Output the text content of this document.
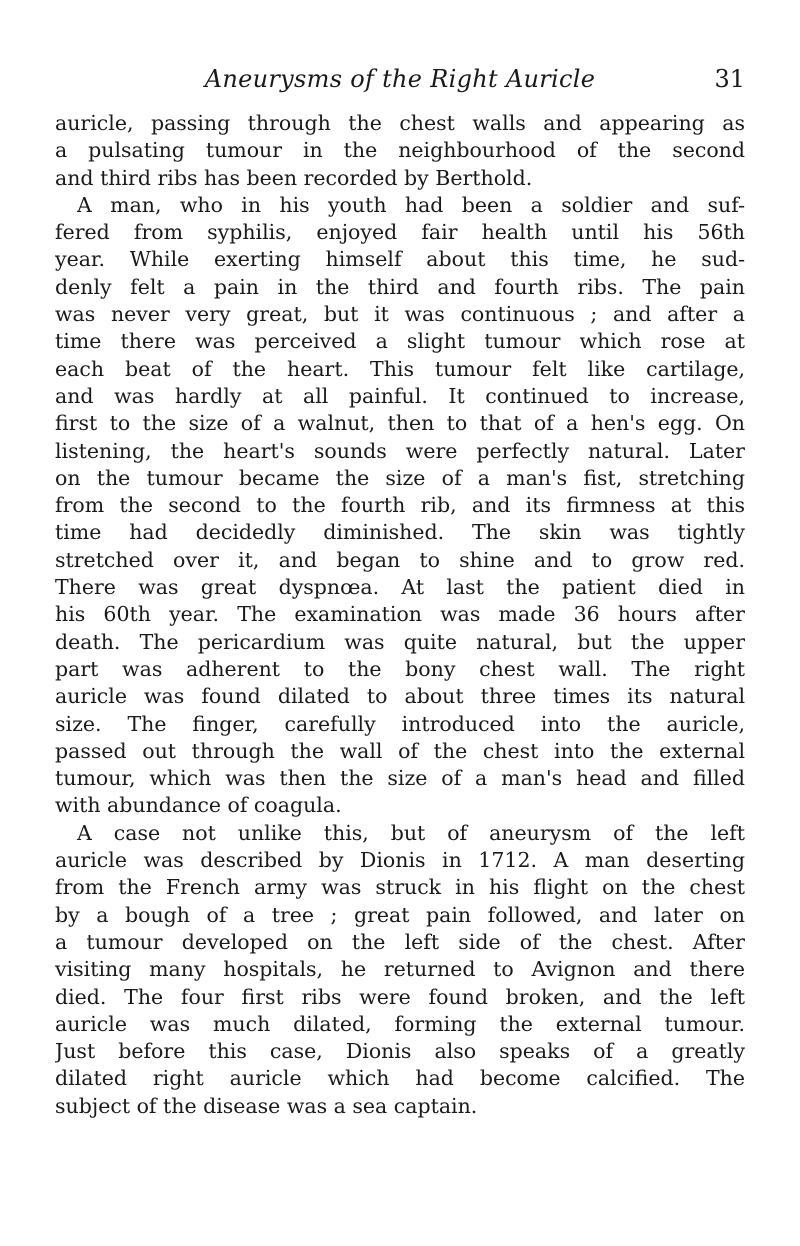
Aneurysms of the Right Auricle	31
auricle, passing through the chest walls and appearing as
a pulsating tumour in the neighbourhood of the second
and third ribs has been recorded by Berthold.
A man, who in his youth had been a soldier and suf-
fered from syphilis, enjoyed fair health until his 56th
year. While exerting himself about this time, he sud-
denly felt a pain in the third and fourth ribs. The pain
was never very great, but it was continuous ; and after a
time there was perceived a slight tumour which rose at
each beat of the heart. This tumour felt like cartilage,
and was hardly at all painful. It continued to increase,
first to the size of a walnut, then to that of a hen's egg. On
listening, the heart's sounds were perfectly natural. Later
on the tumour became the size of a man's fist, stretching
from the second to the fourth rib, and its firmness at this
time had decidedly diminished. The skin was tightly
stretched over it, and began to shine and to grow red.
There was great dyspnœa. At last the patient died in
his 60th year. The examination was made 36 hours after
death. The pericardium was quite natural, but the upper
part was adherent to the bony chest wall. The right
auricle was found dilated to about three times its natural
size. The finger, carefully introduced into the auricle,
passed out through the wall of the chest into the external
tumour, which was then the size of a man's head and filled
with abundance of coagula.
A case not unlike this, but of aneurysm of the left
auricle was described by Dionis in 1712. A man deserting
from the French army was struck in his flight on the chest
by a bough of a tree ; great pain followed, and later on
a tumour developed on the left side of the chest. After
visiting many hospitals, he returned to Avignon and there
died. The four first ribs were found broken, and the left
auricle was much dilated, forming the external tumour.
Just before this case, Dionis also speaks of a greatly
dilated right auricle which had become calcified. The
subject of the disease was a sea captain.
